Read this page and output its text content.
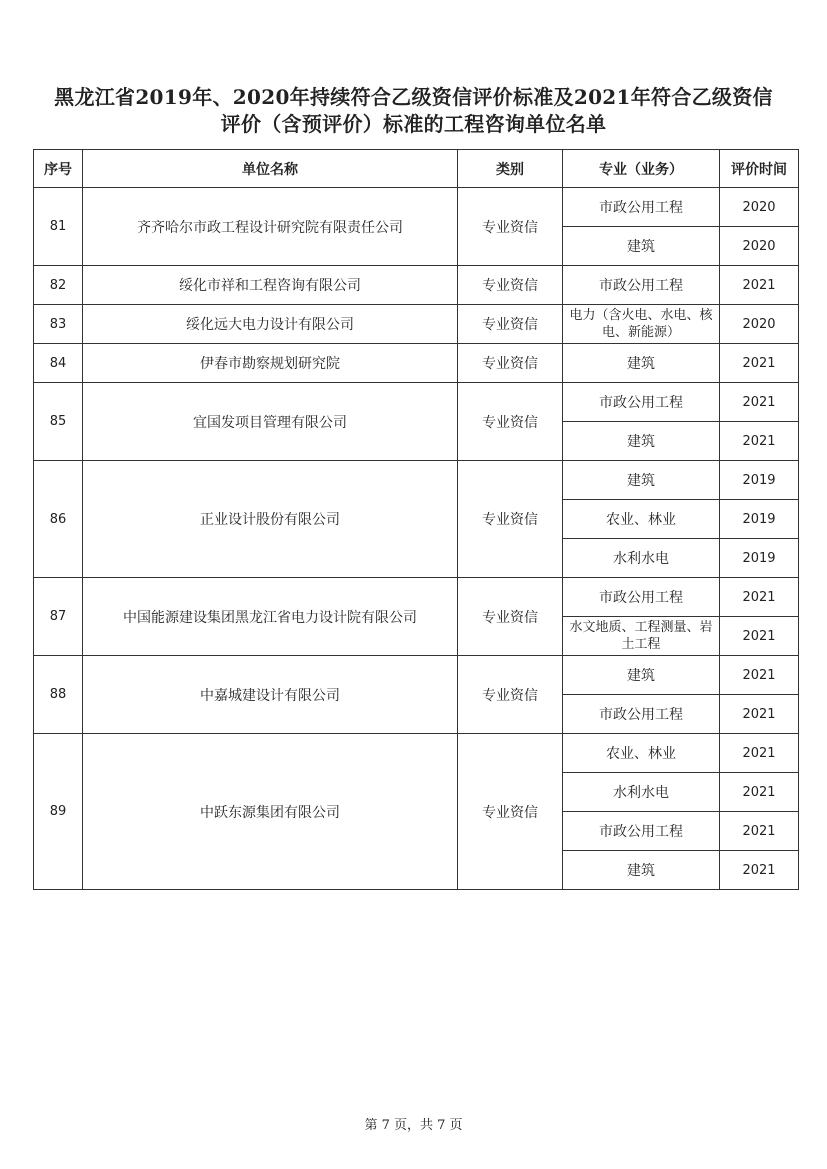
黑龙江省2019年、2020年持续符合乙级资信评价标准及2021年符合乙级资信
评价（含预评价）标准的工程咨询单位名单
序号	单位名称	类别	专业（业务）	评价时间
81	齐齐哈尔市政工程设计研究院有限责任公司	专业资信	市政公用工程	2020
			建筑	2020
82	绥化市祥和工程咨询有限公司	专业资信	市政公用工程	2021
83	绥化远大电力设计有限公司	专业资信	电力（含火电、水电、核电、新能源）	2020
84	伊春市勘察规划研究院	专业资信	建筑	2021
85	宜国发项目管理有限公司	专业资信	市政公用工程	2021
			建筑	2021
86	正业设计股份有限公司	专业资信	建筑	2019
			农业、林业	2019
			水利水电	2019
87	中国能源建设集团黑龙江省电力设计院有限公司	专业资信	市政公用工程	2021
			水文地质、工程测量、岩土工程	2021
88	中嘉城建设计有限公司	专业资信	建筑	2021
			市政公用工程	2021
89	中跃东源集团有限公司	专业资信	农业、林业	2021
			水利水电	2021
			市政公用工程	2021
			建筑	2021
第 7 页，共 7 页
